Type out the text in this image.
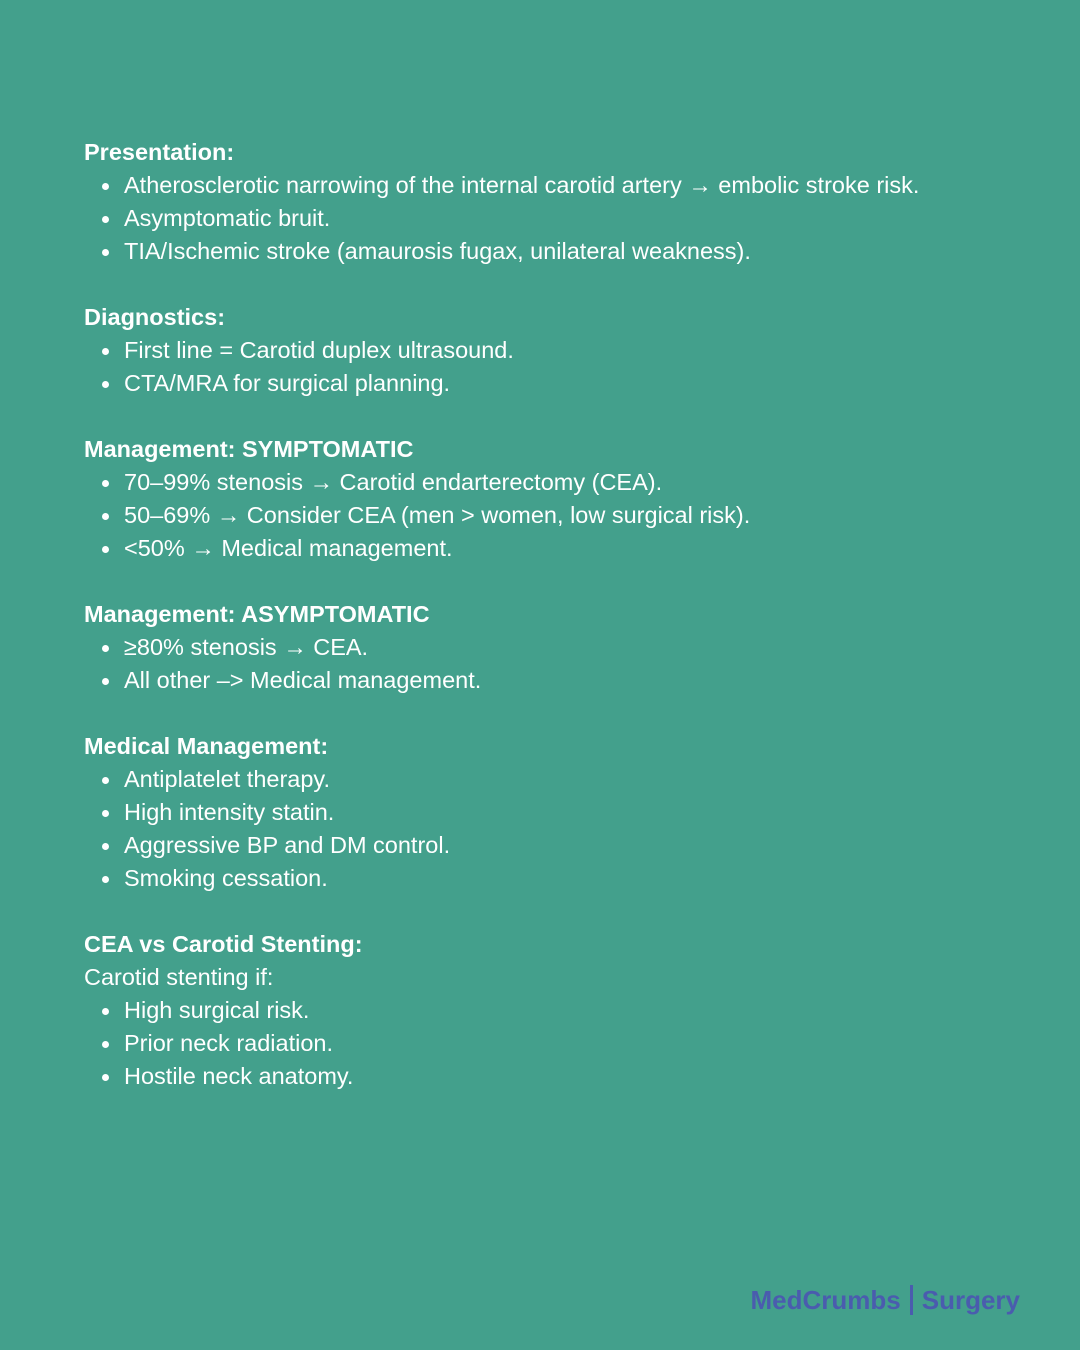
Presentation:
Atherosclerotic narrowing of the internal carotid artery → embolic stroke risk.
Asymptomatic bruit.
TIA/Ischemic stroke (amaurosis fugax, unilateral weakness).
Diagnostics:
First line = Carotid duplex ultrasound.
CTA/MRA for surgical planning.
Management: SYMPTOMATIC
70–99% stenosis → Carotid endarterectomy (CEA).
50–69% → Consider CEA (men > women, low surgical risk).
<50% → Medical management.
Management: ASYMPTOMATIC
≥80% stenosis → CEA.
All other –> Medical management.
Medical Management:
Antiplatelet therapy.
High intensity statin.
Aggressive BP and DM control.
Smoking cessation.
CEA vs Carotid Stenting:
Carotid stenting if:
High surgical risk.
Prior neck radiation.
Hostile neck anatomy.
MedCrumbs Surgery
